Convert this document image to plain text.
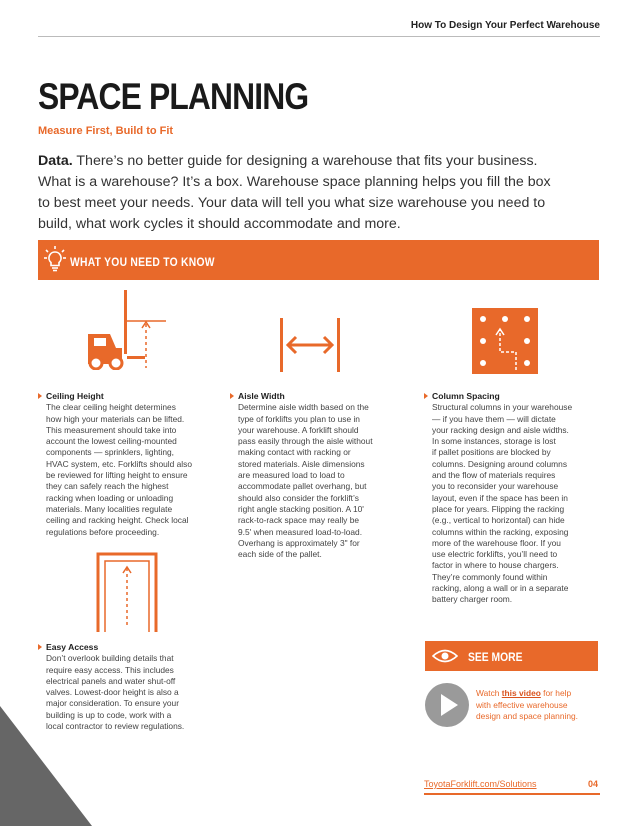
How To Design Your Perfect Warehouse
SPACE PLANNING
Measure First, Build to Fit
Data. There’s no better guide for designing a warehouse that fits your business.
What is a warehouse? It’s a box. Warehouse space planning helps you fill the box
to best meet your needs. Your data will tell you what size warehouse you need to
build, what work cycles it should accommodate and more.
WHAT YOU NEED TO KNOW
Ceiling Height
The clear ceiling height determines
how high your materials can be lifted.
This measurement should take into
account the lowest ceiling-mounted
components — sprinklers, lighting,
HVAC system, etc. Forklifts should also
be reviewed for lifting height to ensure
they can safely reach the highest
racking when loading or unloading
materials. Many localities regulate
ceiling and racking height. Check local
regulations before proceeding.
Aisle Width
Determine aisle width based on the
type of forklifts you plan to use in
your warehouse. A forklift should
pass easily through the aisle without
making contact with racking or
stored materials. Aisle dimensions
are measured load to load to
accommodate pallet overhang, but
should also consider the forklift’s
right angle stacking position. A 10'
rack-to-rack space may really be
9.5' when measured load-to-load.
Overhang is approximately 3" for
each side of the pallet.
Column Spacing
Structural columns in your warehouse
— if you have them — will dictate
your racking design and aisle widths.
In some instances, storage is lost
if pallet positions are blocked by
columns. Designing around columns
and the flow of materials requires
you to reconsider your warehouse
layout, even if the space has been in
place for years. Flipping the racking
(e.g., vertical to horizontal) can hide
columns within the racking, exposing
more of the warehouse floor. If you
use electric forklifts, you’ll need to
factor in where to house chargers.
They’re commonly found within
racking, along a wall or in a separate
battery charger room.
Easy Access
Don’t overlook building details that
require easy access. This includes
electrical panels and water shut-off
valves. Lowest-door height is also a
major consideration. To ensure your
building is up to code, work with a
local contractor to review regulations.
SEE MORE
Watch this video for help
with effective warehouse
design and space planning.
ToyotaForklift.com/Solutions	04
